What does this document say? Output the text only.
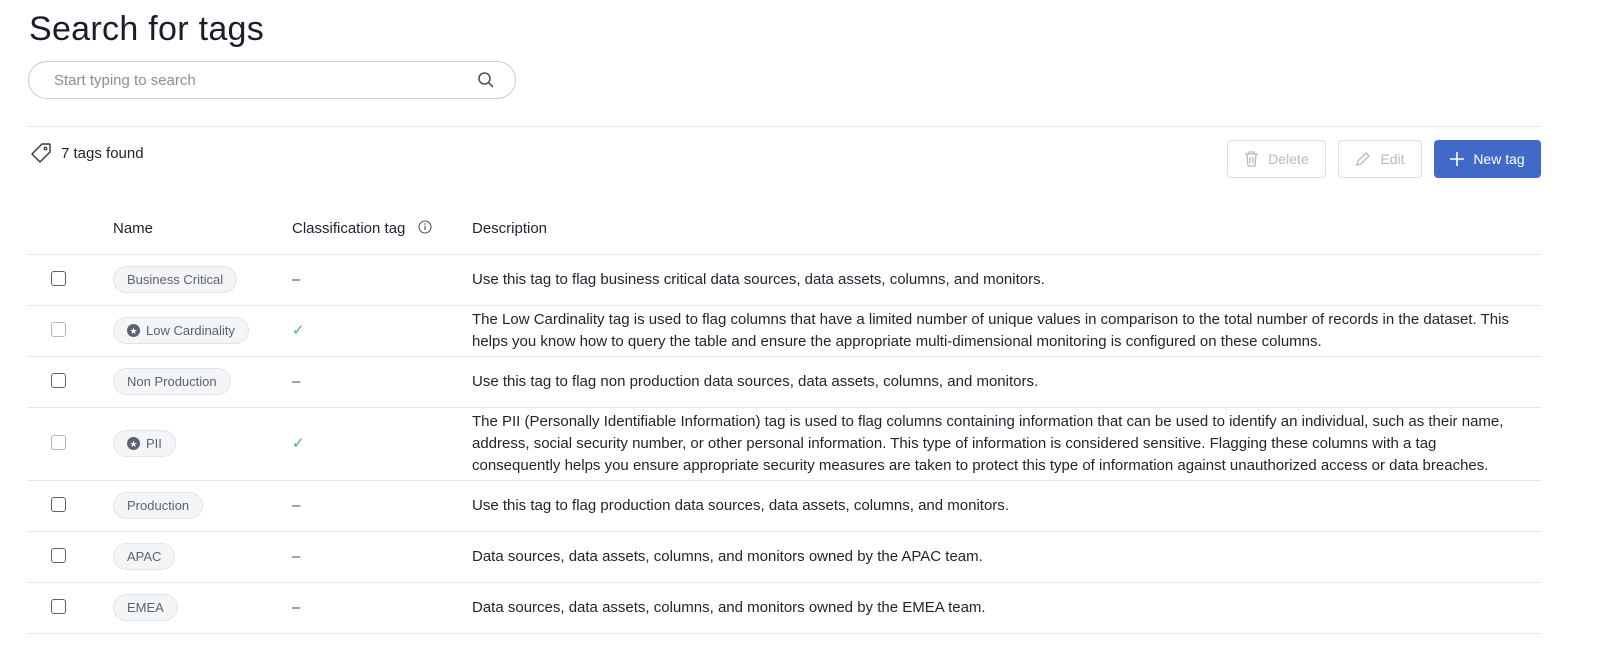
Search for tags
Start typing to search
7 tags found	Delete	Edit	New tag
	Name	Classification tag	Description

	Business Critical	–	Use this tag to flag business critical data sources, data assets, columns, and monitors.

★ Low Cardinality	✓	The Low Cardinality tag is used to flag columns that have a limited number of unique values in comparison to the total number of records in the dataset. This helps you know how to query the table and ensure the appropriate multi-dimensional monitoring is configured on these columns.

	Non Production	–	Use this tag to flag non production data sources, data assets, columns, and monitors.

★ PII	✓	The PII (Personally Identifiable Information) tag is used to flag columns containing information that can be used to identify an individual, such as their name, address, social security number, or other personal information. This type of information is considered sensitive. Flagging these columns with a tag consequently helps you ensure appropriate security measures are taken to protect this type of information against unauthorized access or data breaches.

	Production	–	Use this tag to flag production data sources, data assets, columns, and monitors.

	APAC	–	Data sources, data assets, columns, and monitors owned by the APAC team.

	EMEA	–	Data sources, data assets, columns, and monitors owned by the EMEA team.
